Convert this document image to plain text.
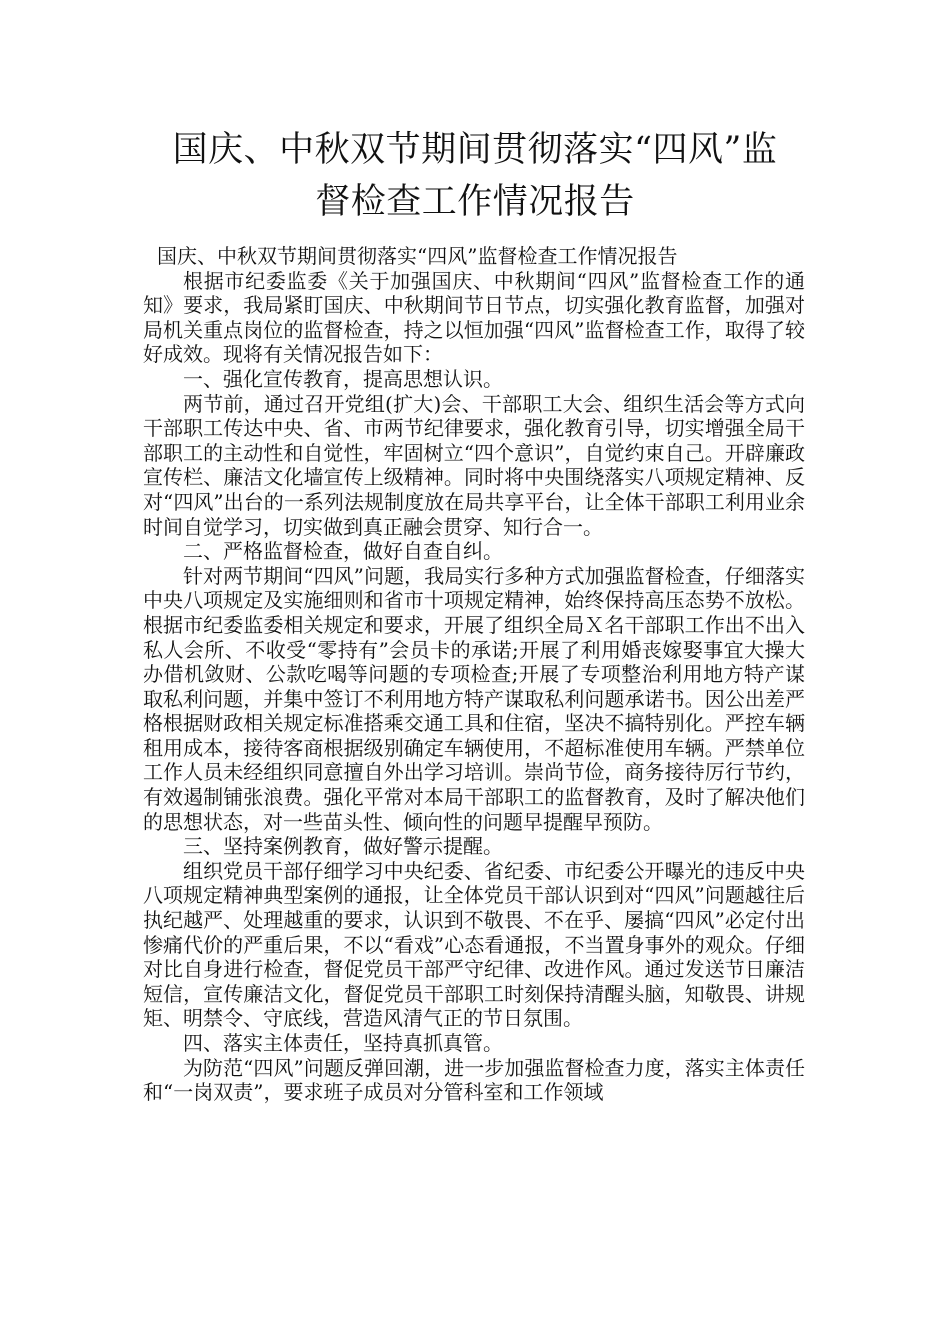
国庆、中秋双节期间贯彻落实“四风”监
督检查工作情况报告

国庆、中秋双节期间贯彻落实“四风”监督检查工作情况报告

根据市纪委监委《关于加强国庆、中秋期间“四风”监督检查工作的通知》要求，我局紧盯国庆、中秋期间节日节点，切实强化教育监督，加强对局机关重点岗位的监督检查，持之以恒加强“四风”监督检查工作，取得了较好成效。现将有关情况报告如下：

一、强化宣传教育，提高思想认识。

两节前，通过召开党组(扩大)会、干部职工大会、组织生活会等方式向干部职工传达中央、省、市两节纪律要求，强化教育引导，切实增强全局干部职工的主动性和自觉性，牢固树立“四个意识”，自觉约束自己。开辟廉政宣传栏、廉洁文化墙宣传上级精神。同时将中央围绕落实八项规定精神、反对“四风”出台的一系列法规制度放在局共享平台，让全体干部职工利用业余时间自觉学习，切实做到真正融会贯穿、知行合一。

二、严格监督检查，做好自查自纠。

针对两节期间“四风”问题，我局实行多种方式加强监督检查，仔细落实中央八项规定及实施细则和省市十项规定精神，始终保持高压态势不放松。根据市纪委监委相关规定和要求，开展了组织全局Ｘ名干部职工作出不出入私人会所、不收受“零持有”会员卡的承诺;开展了利用婚丧嫁娶事宜大操大办借机敛财、公款吃喝等问题的专项检查;开展了专项整治利用地方特产谋取私利问题，并集中签订不利用地方特产谋取私利问题承诺书。因公出差严格根据财政相关规定标准搭乘交通工具和住宿，坚决不搞特别化。严控车辆租用成本，接待客商根据级别确定车辆使用，不超标准使用车辆。严禁单位工作人员未经组织同意擅自外出学习培训。崇尚节俭，商务接待厉行节约，有效遏制铺张浪费。强化平常对本局干部职工的监督教育，及时了解决他们的思想状态，对一些苗头性、倾向性的问题早提醒早预防。

三、坚持案例教育，做好警示提醒。

组织党员干部仔细学习中央纪委、省纪委、市纪委公开曝光的违反中央八项规定精神典型案例的通报，让全体党员干部认识到对“四风”问题越往后执纪越严、处理越重的要求，认识到不敬畏、不在乎、屡搞“四风”必定付出惨痛代价的严重后果，不以“看戏”心态看通报，不当置身事外的观众。仔细对比自身进行检查，督促党员干部严守纪律、改进作风。通过发送节日廉洁短信，宣传廉洁文化，督促党员干部职工时刻保持清醒头脑，知敬畏、讲规矩、明禁令、守底线，营造风清气正的节日氛围。

四、落实主体责任，坚持真抓真管。

为防范“四风”问题反弹回潮，进一步加强监督检查力度，落实主体责任和“一岗双责”，要求班子成员对分管科室和工作领域
